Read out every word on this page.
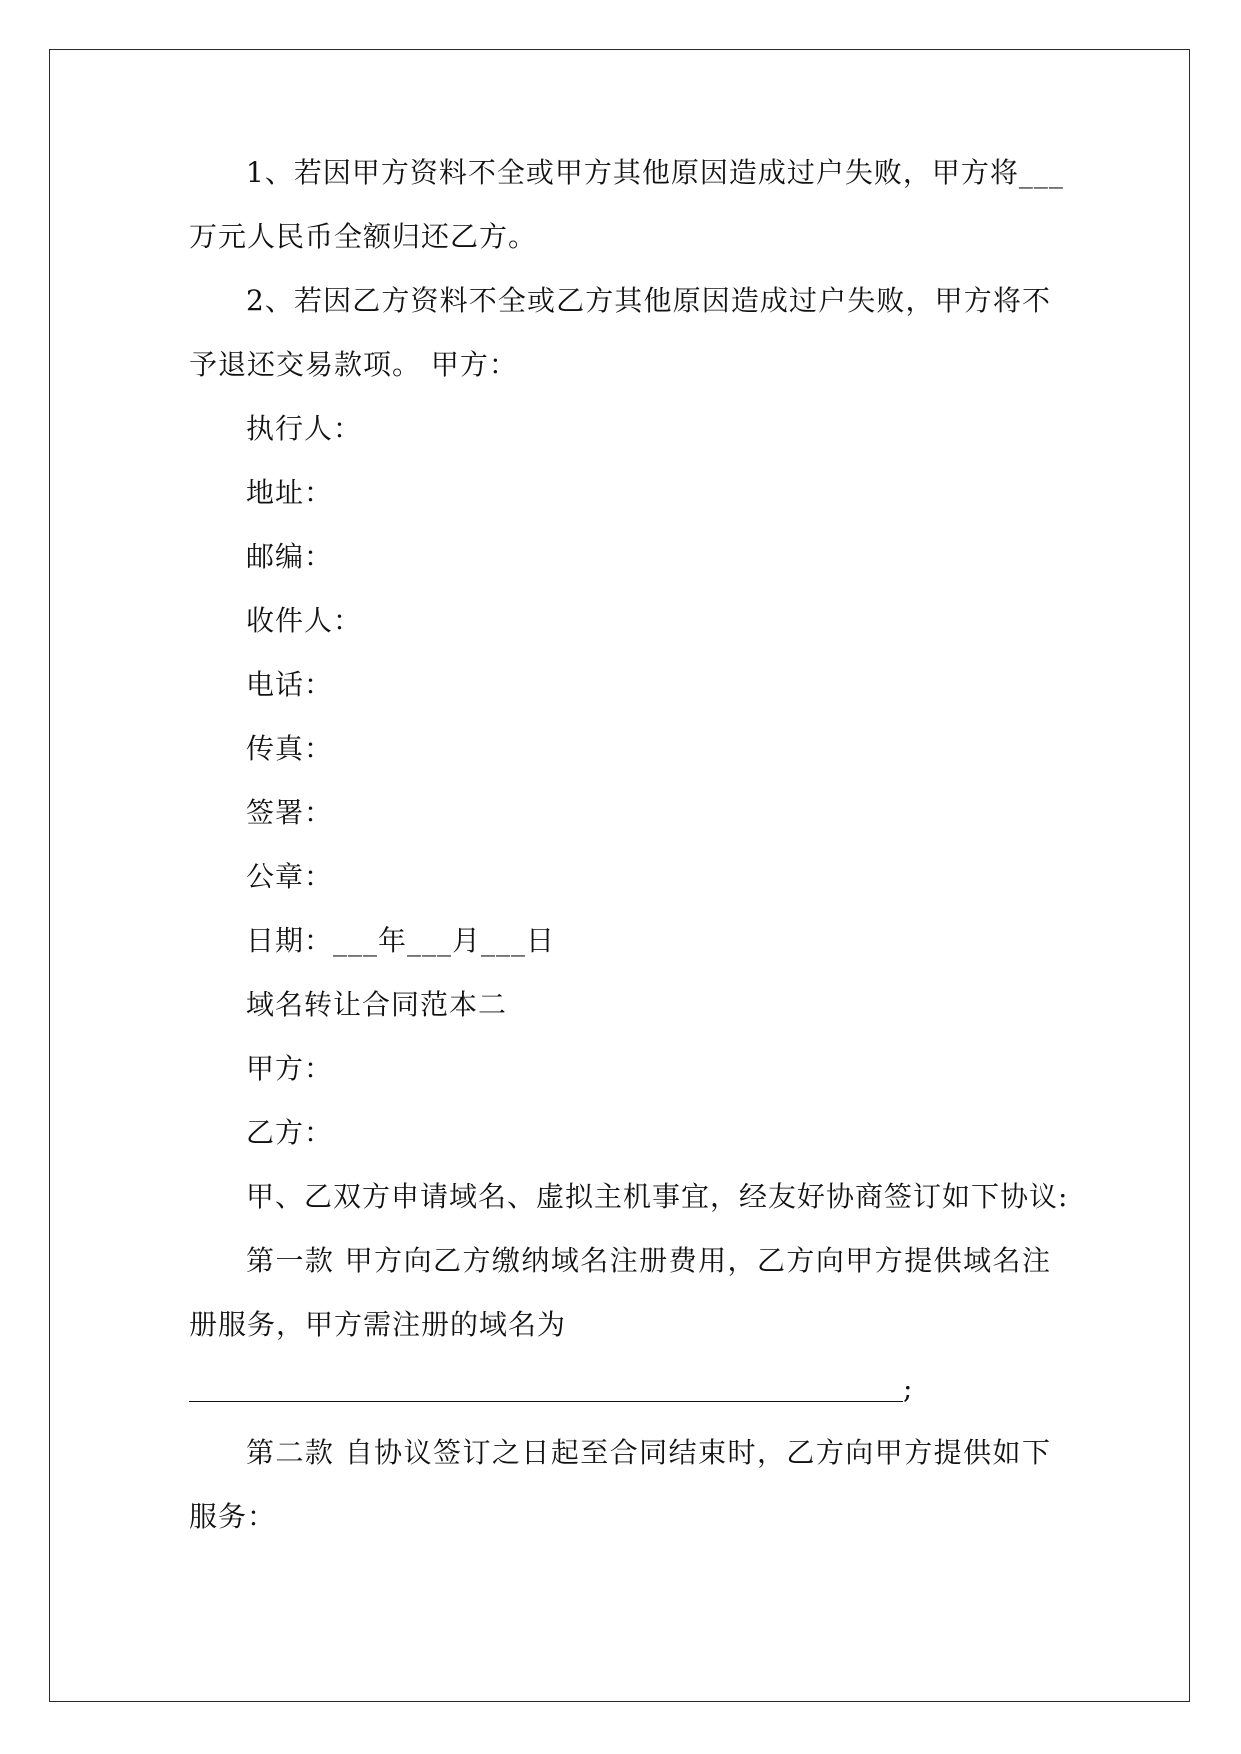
1、若因甲方资料不全或甲方其他原因造成过户失败，甲方将___
万元人民币全额归还乙方。
2、若因乙方资料不全或乙方其他原因造成过户失败，甲方将不
予退还交易款项。 甲方：
执行人：
地址：
邮编：
收件人：
电话：
传真：
签署：
公章：
日期：___年___月___日
域名转让合同范本二
甲方：
乙方：
甲、乙双方申请域名、虚拟主机事宜，经友好协商签订如下协议:
第一款 甲方向乙方缴纳域名注册费用，乙方向甲方提供域名注
册服务，甲方需注册的域名为
;
第二款 自协议签订之日起至合同结束时，乙方向甲方提供如下
服务：
